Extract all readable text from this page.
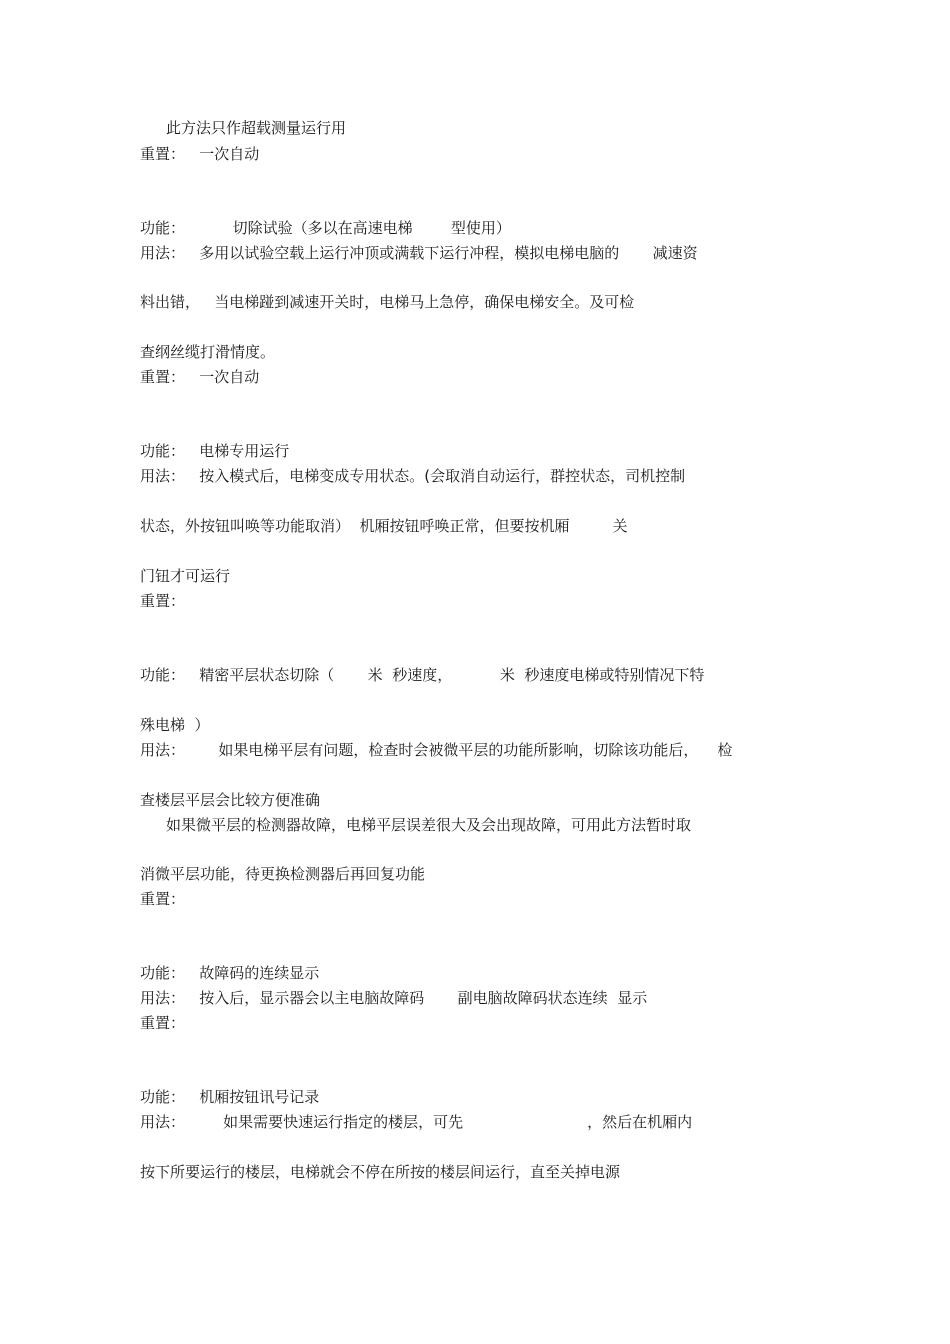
此方法只作超载测量运行用
重置：   一次自动
功能：          切除试验（多以在高速电梯        型使用）
用法：   多用以试验空载上运行冲顶或满载下运行冲程，模拟电梯电脑的       减速资
料出错，   当电梯踫到减速开关时，电梯马上急停，确保电梯安全。及可检
查纲丝缆打滑情度。
重置：   一次自动
功能：   电梯专用运行
用法：   按入模式后，电梯变成专用状态。(会取消自动运行，群控状态，司机控制
状态，外按钮叫唤等功能取消）  机厢按钮呼唤正常，但要按机厢         关
门钮才可运行
重置：
功能：   精密平层状态切除（       米  秒速度，          米  秒速度电梯或特别情况下特
殊电梯  ）
用法：       如果电梯平层有问题，检查时会被微平层的功能所影响，切除该功能后，    检
查楼层平层会比较方便准确
如果微平层的检测器故障，电梯平层误差很大及会出现故障，可用此方法暂时取
消微平层功能，待更换检测器后再回复功能
重置：
功能：   故障码的连续显示
用法：   按入后，显示器会以主电脑故障码       副电脑故障码状态连续  显示
重置：
功能：   机厢按钮讯号记录
用法：        如果需要快速运行指定的楼层，可先                          ，然后在机厢内
按下所要运行的楼层，电梯就会不停在所按的楼层间运行，直至关掉电源
